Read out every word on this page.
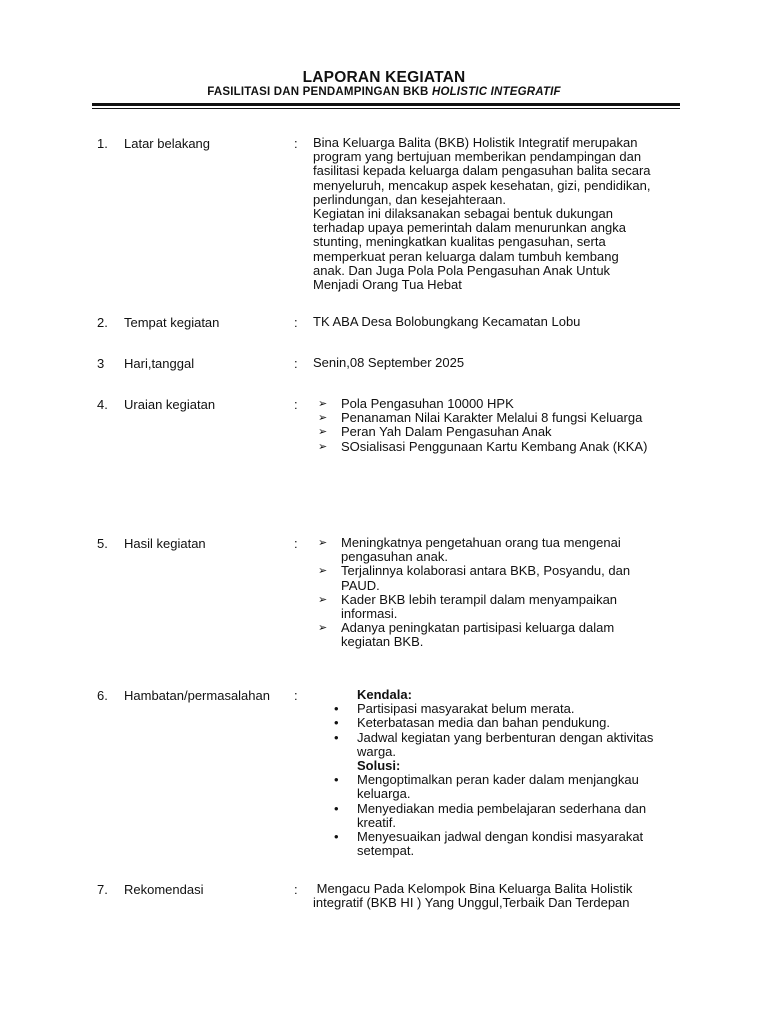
LAPORAN KEGIATAN
FASILITASI DAN PENDAMPINGAN BKB HOLISTIC INTEGRATIF
1. Latar belakang	: Bina Keluarga Balita (BKB) Holistik Integratif merupakan
program yang bertujuan memberikan pendampingan dan
fasilitasi kepada keluarga dalam pengasuhan balita secara
menyeluruh, mencakup aspek kesehatan, gizi, pendidikan,
perlindungan, dan kesejahteraan.
Kegiatan ini dilaksanakan sebagai bentuk dukungan
terhadap upaya pemerintah dalam menurunkan angka
stunting, meningkatkan kualitas pengasuhan, serta
memperkuat peran keluarga dalam tumbuh kembang
anak. Dan Juga Pola Pola Pengasuhan Anak Untuk
Menjadi Orang Tua Hebat
2. Tempat kegiatan	: TK ABA Desa Bolobungkang Kecamatan Lobu
3 Hari,tanggal	: Senin,08 September 2025
4. Uraian kegiatan	: ➢ Pola Pengasuhan 10000 HPK
➢ Penanaman Nilai Karakter Melalui 8 fungsi Keluarga
➢ Peran Yah Dalam Pengasuhan Anak
➢ SOsialisasi Penggunaan Kartu Kembang Anak (KKA)
5. Hasil kegiatan	: ➢ Meningkatnya pengetahuan orang tua mengenai
pengasuhan anak.
➢ Terjalinnya kolaborasi antara BKB, Posyandu, dan
PAUD.
➢ Kader BKB lebih terampil dalam menyampaikan
informasi.
➢ Adanya peningkatan partisipasi keluarga dalam
kegiatan BKB.
6. Hambatan/permasalahan :	Kendala:
• Partisipasi masyarakat belum merata.
• Keterbatasan media dan bahan pendukung.
• Jadwal kegiatan yang berbenturan dengan aktivitas
warga.
Solusi:
• Mengoptimalkan peran kader dalam menjangkau
keluarga.
• Menyediakan media pembelajaran sederhana dan
kreatif.
• Menyesuaikan jadwal dengan kondisi masyarakat
setempat.
7. Rekomendasi	: Mengacu Pada Kelompok Bina Keluarga Balita Holistik
integratif (BKB HI ) Yang Unggul,Terbaik Dan Terdepan
